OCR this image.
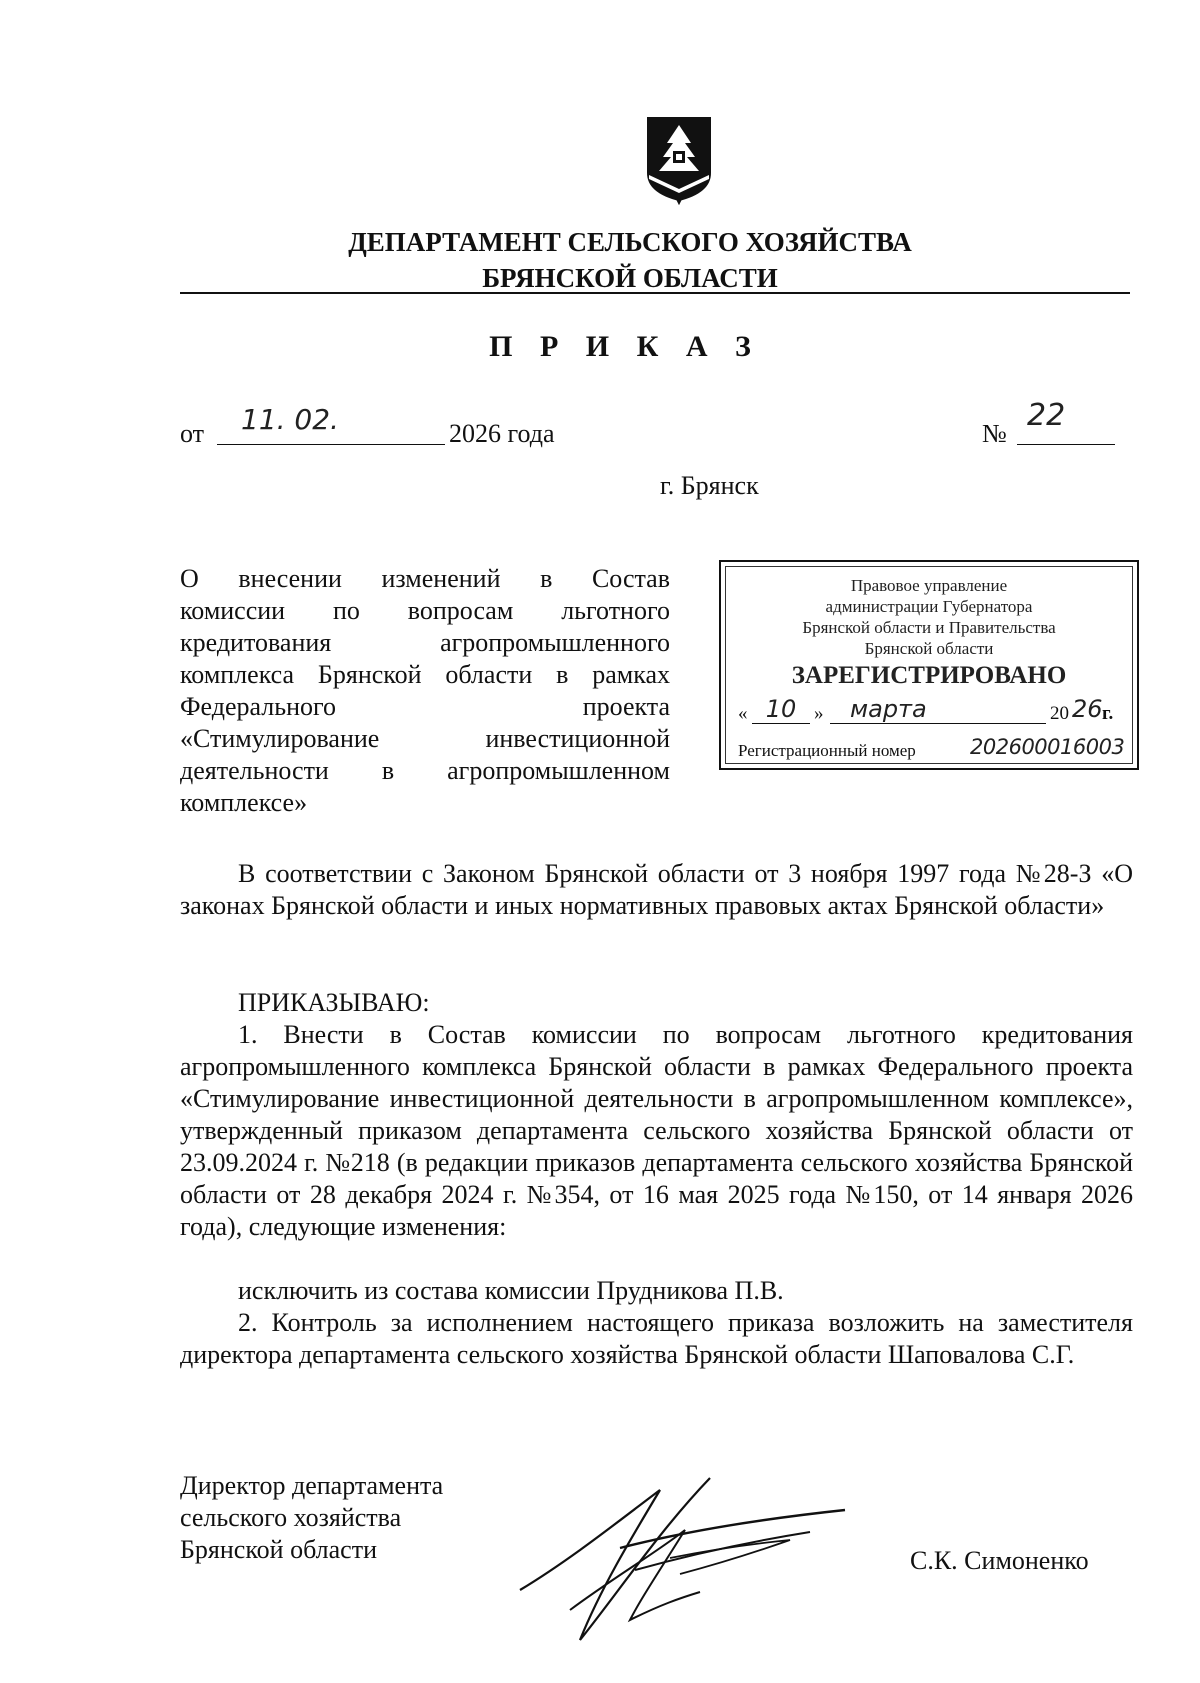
ДЕПАРТАМЕНТ СЕЛЬСКОГО ХОЗЯЙСТВА
БРЯНСКОЙ ОБЛАСТИ
П Р И К А З
от 11. 02.	2026 года	№
22
г. Брянск
О внесении изменений в Состав
комиссии по вопросам льготного
кредитования агропромышленного
комплекса Брянской области в рамках
Федерального проекта
«Стимулирование инвестиционной
деятельности в агропромышленном
комплексе»
Правовое управление
администрации Губернатора
Брянской области и Правительства
Брянской области
ЗАРЕГИСТРИРОВАНО
« 10 »	марта	20 26 г.
Регистрационный номер	202600016003
В соответствии с Законом Брянской области от 3 ноября 1997 года №28-З «О законах Брянской области и иных нормативных правовых актах Брянской области»
ПРИКАЗЫВАЮ:
1. Внести в Состав комиссии по вопросам льготного кредитования агропромышленного комплекса Брянской области в рамках Федерального проекта «Стимулирование инвестиционной деятельности в агропромышленном комплексе», утвержденный приказом департамента сельского хозяйства Брянской области от 23.09.2024 г. №218 (в редакции приказов департамента сельского хозяйства Брянской области от 28 декабря 2024 г. №354, от 16 мая 2025 года №150, от 14 января 2026 года), следующие изменения:
исключить из состава комиссии Прудникова П.В.
2. Контроль за исполнением настоящего приказа возложить на заместителя директора департамента сельского хозяйства Брянской области Шаповалова С.Г.
Директор департамента
сельского хозяйства
Брянской области	С.К. Симоненко
